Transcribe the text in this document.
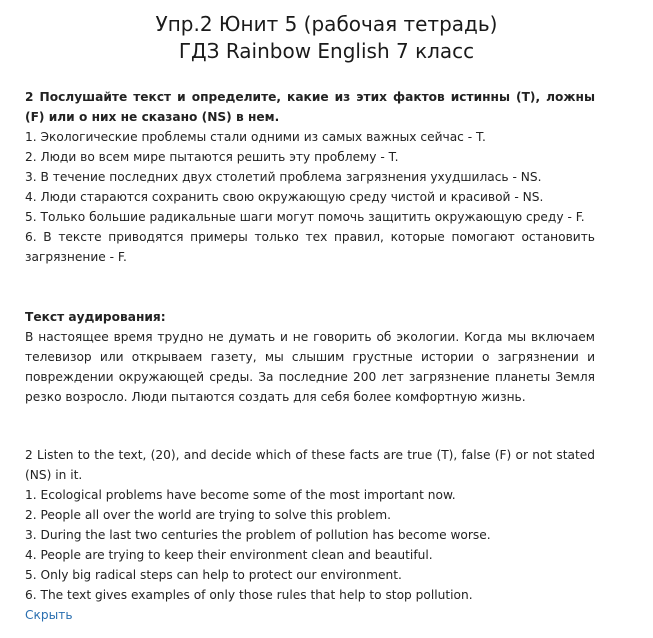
Упр.2 Юнит 5 (рабочая тетрадь)
ГДЗ Rainbow English 7 класс

2 Послушайте текст и определите, какие из этих фактов истинны (T), ложны (F) или о них не сказано (NS) в нем.

1. Экологические проблемы стали одними из самых важных сейчас - T.

2. Люди во всем мире пытаются решить эту проблему - T.

3. В течение последних двух столетий проблема загрязнения ухудшилась - NS.

4. Люди стараются сохранить свою окружающую среду чистой и красивой - NS.

5. Только большие радикальные шаги могут помочь защитить окружающую среду - F.

6. В тексте приводятся примеры только тех правил, которые помогают остановить загрязнение - F.

Текст аудирования:

В настоящее время трудно не думать и не говорить об экологии. Когда мы включаем телевизор или открываем газету, мы слышим грустные истории о загрязнении и повреждении окружающей среды. За последние 200 лет загрязнение планеты Земля резко возросло. Люди пытаются создать для себя более комфортную жизнь.

2 Listen to the text, (20), and decide which of these facts are true (T), false (F) or not stated (NS) in it.

1. Ecological problems have become some of the most important now.

2. People all over the world are trying to solve this problem.

3. During the last two centuries the problem of pollution has become worse.

4. People are trying to keep their environment clean and beautiful.

5. Only big radical steps can help to protect our environment.

6. The text gives examples of only those rules that help to stop pollution.

Скрыть
